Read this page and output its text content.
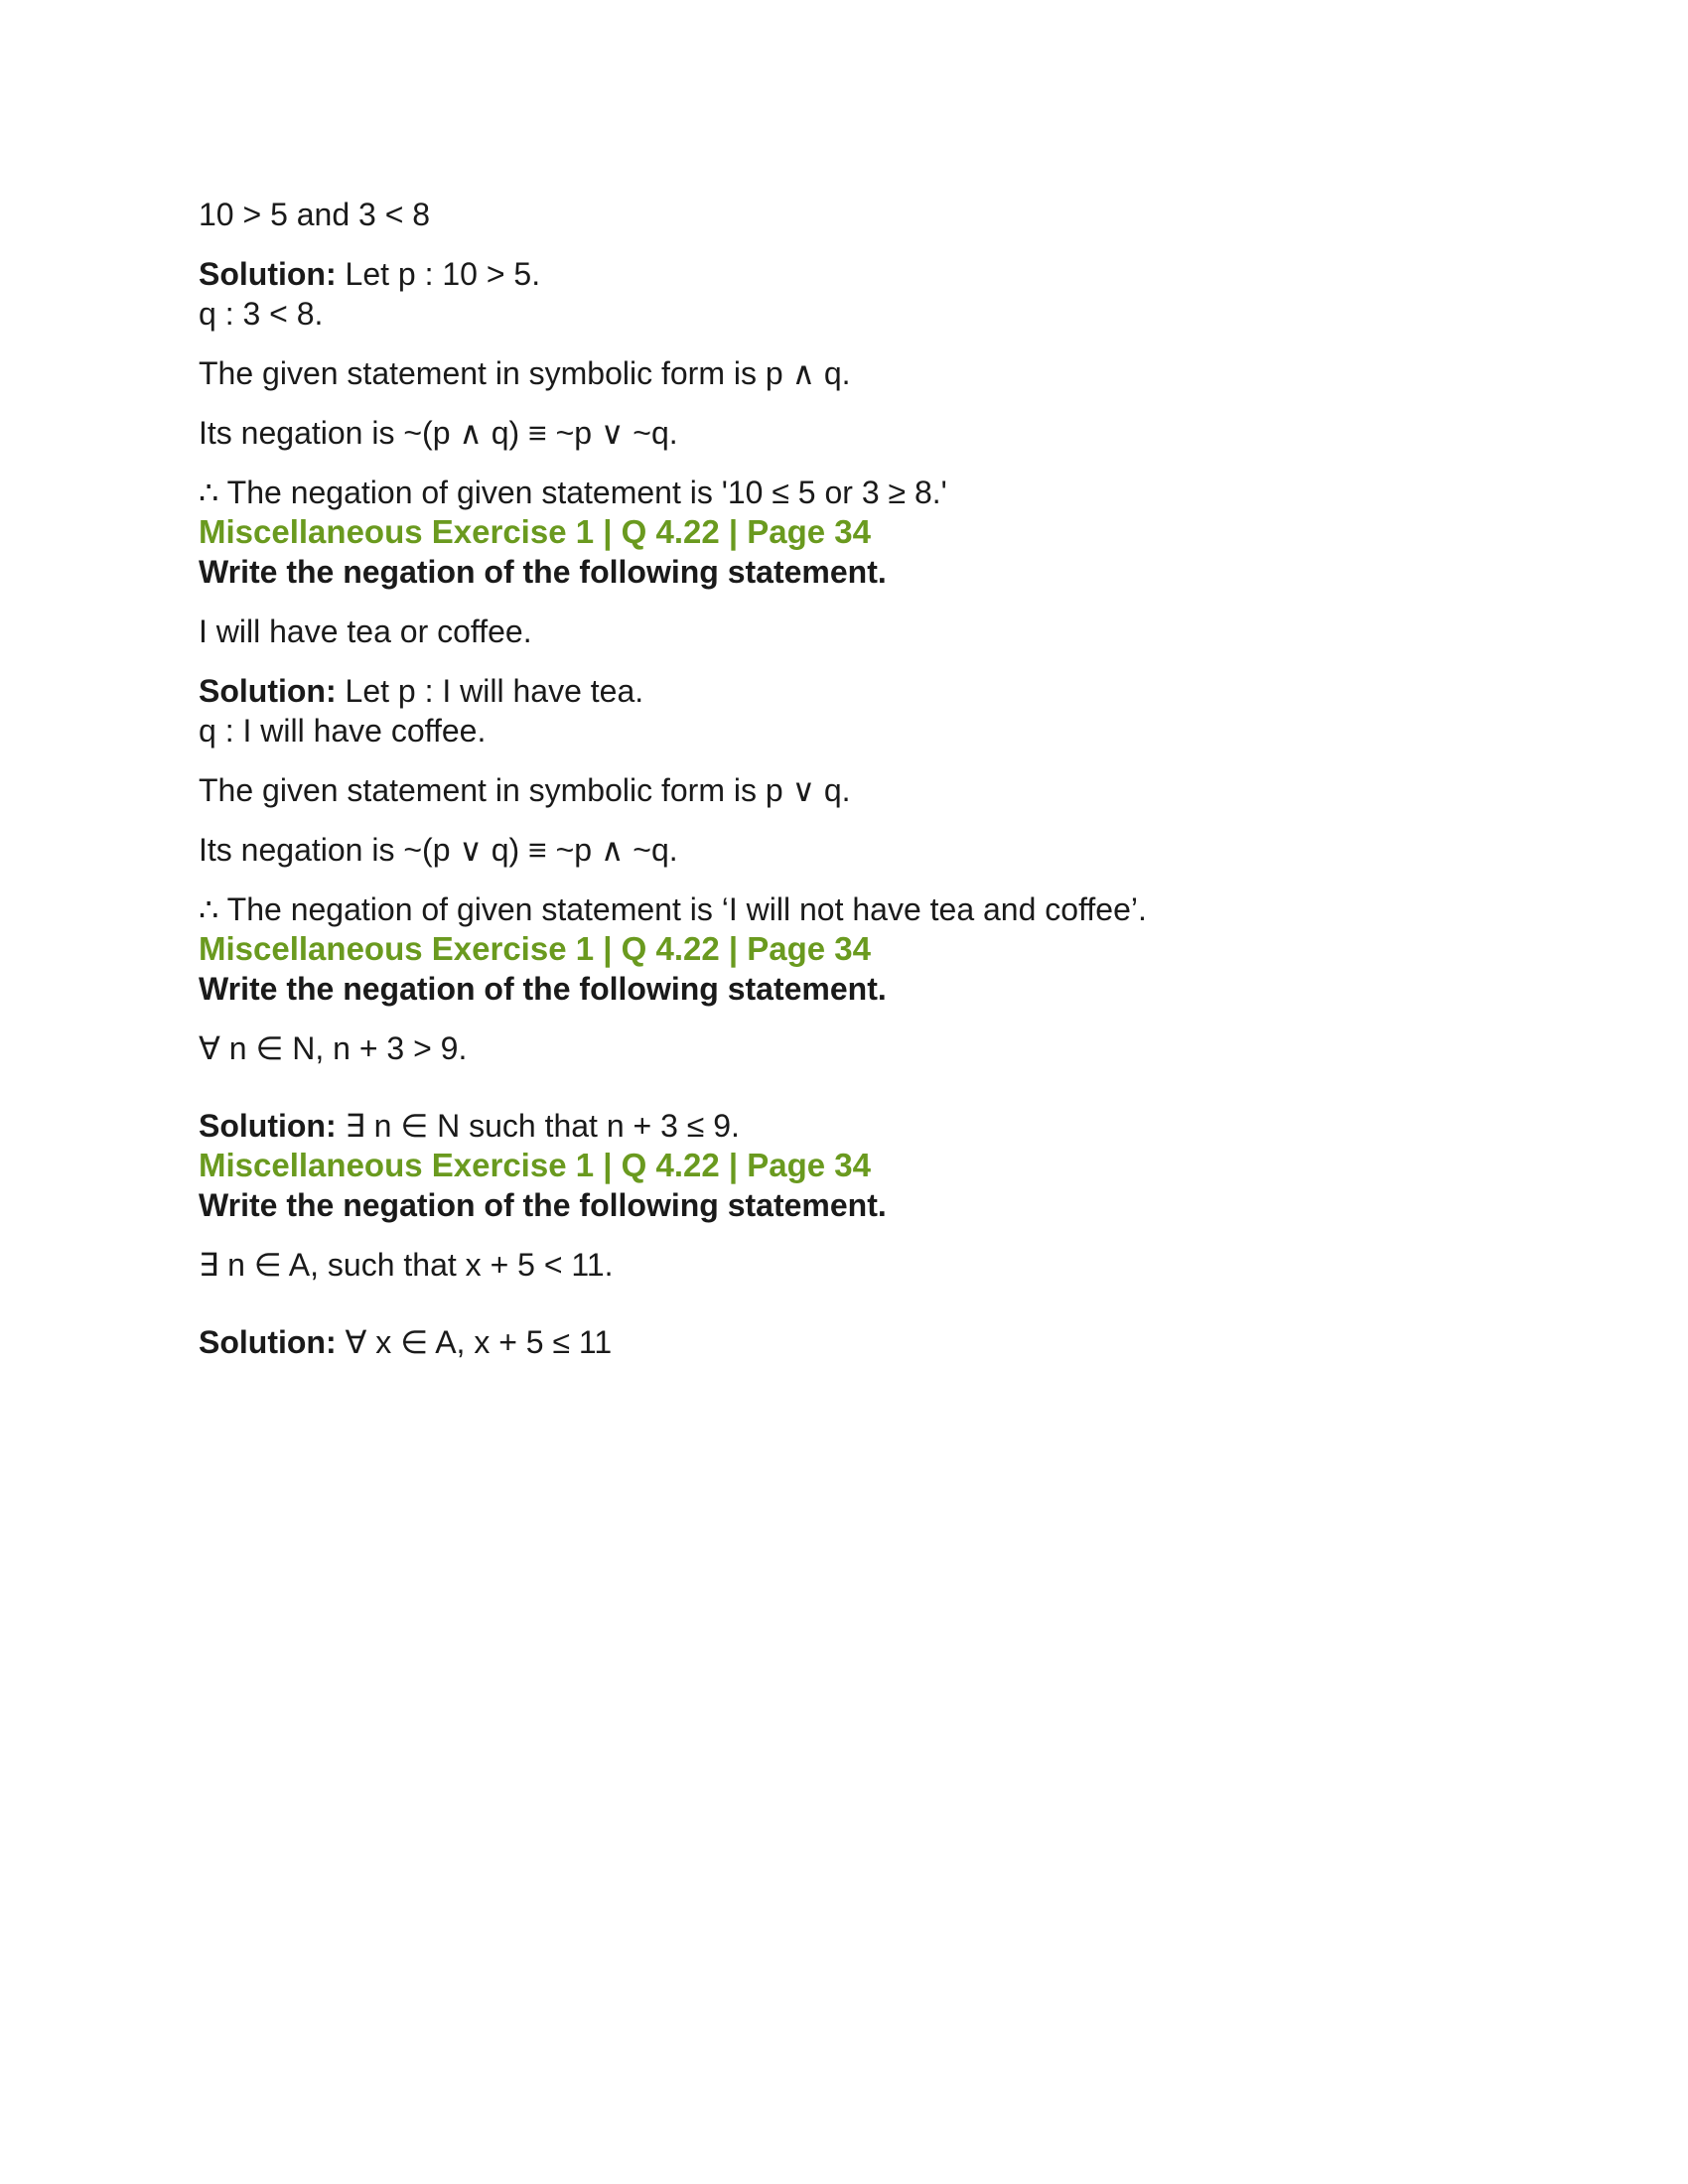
10 > 5 and 3 < 8

Solution: Let p : 10 > 5.

q : 3 < 8.

The given statement in symbolic form is p ∧ q.

Its negation is ~(p ∧ q) ≡ ~p ∨ ~q.

∴ The negation of given statement is '10 ≤ 5 or 3 ≥ 8.'

Miscellaneous Exercise 1 | Q 4.22 | Page 34

Write the negation of the following statement.

I will have tea or coffee.

Solution: Let p : I will have tea.

q : I will have coffee.

The given statement in symbolic form is p ∨ q.

Its negation is ~(p ∨ q) ≡ ~p ∧ ~q.

∴ The negation of given statement is ‘I will not have tea and coffee’.

Miscellaneous Exercise 1 | Q 4.22 | Page 34

Write the negation of the following statement.

∀ n ∈ N, n + 3 > 9.

Solution: ∃ n ∈ N such that n + 3 ≤ 9.

Miscellaneous Exercise 1 | Q 4.22 | Page 34

Write the negation of the following statement.

∃ n ∈ A, such that x + 5 < 11.

Solution: ∀ x ∈ A, x + 5 ≤ 11
